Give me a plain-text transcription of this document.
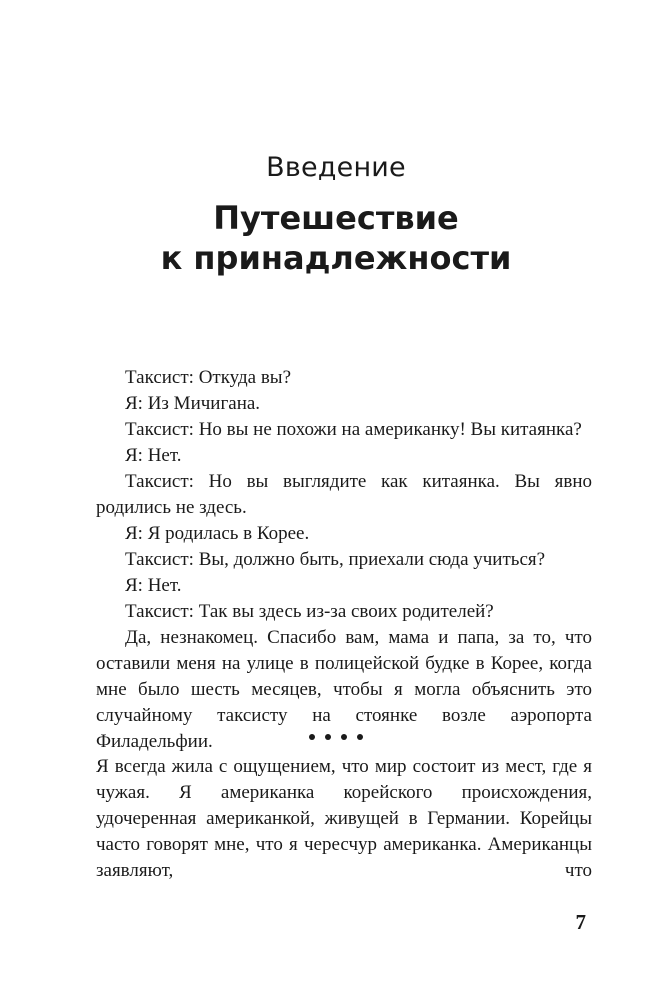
Введение
Путешествие
к принадлежности

Таксист: Откуда вы?

Я: Из Мичигана.

Таксист: Но вы не похожи на американку! Вы китаянка?

Я: Нет.

Таксист: Но вы выглядите как китаянка. Вы явно родились не здесь.

Я: Я родилась в Корее.

Таксист: Вы, должно быть, приехали сюда учиться?

Я: Нет.

Таксист: Так вы здесь из-за своих родителей?

Да, незнакомец. Спасибо вам, мама и папа, за то, что оставили меня на улице в полицейской будке в Корее, когда мне было шесть месяцев, чтобы я могла объяснить это случайному таксисту на стоянке возле аэропорта Филадельфии.

Я всегда жила с ощущением, что мир состоит из мест, где я чужая. Я американка корейского происхождения, удочеренная американкой, живущей в Германии. Корейцы часто говорят мне, что я чересчур американка. Американцы заявляют, что

7
